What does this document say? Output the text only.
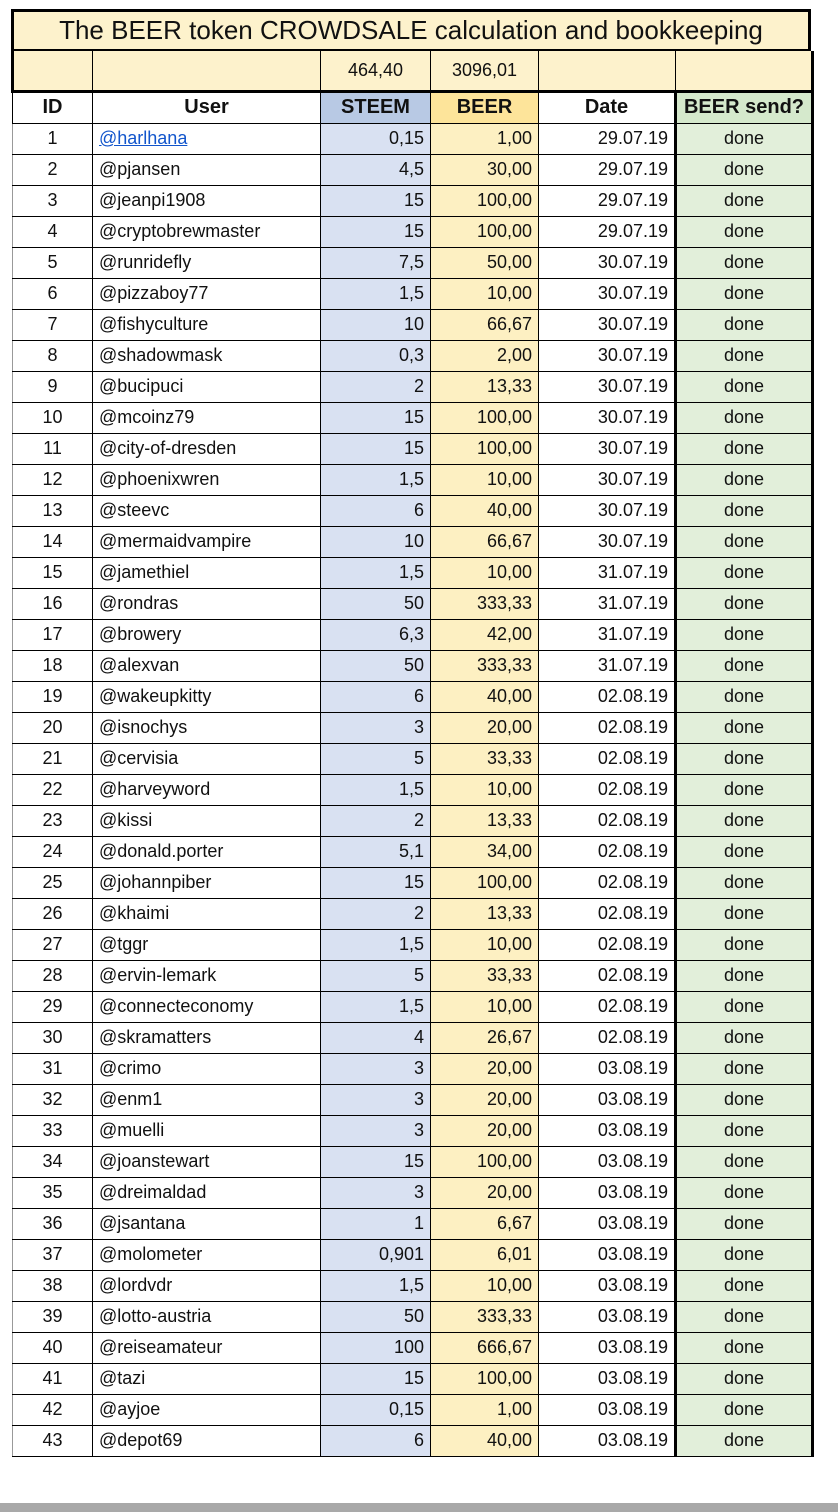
The BEER token CROWDSALE calculation and bookkeeping
		464,40	3096,01		
ID	User	STEEM	BEER	Date	BEER send?
1	@harlhana	0,15	1,00	29.07.19	done
2	@pjansen	4,5	30,00	29.07.19	done
3	@jeanpi1908	15	100,00	29.07.19	done
4	@cryptobrewmaster	15	100,00	29.07.19	done
5	@runridefly	7,5	50,00	30.07.19	done
6	@pizzaboy77	1,5	10,00	30.07.19	done
7	@fishyculture	10	66,67	30.07.19	done
8	@shadowmask	0,3	2,00	30.07.19	done
9	@bucipuci	2	13,33	30.07.19	done
10	@mcoinz79	15	100,00	30.07.19	done
11	@city-of-dresden	15	100,00	30.07.19	done
12	@phoenixwren	1,5	10,00	30.07.19	done
13	@steevc	6	40,00	30.07.19	done
14	@mermaidvampire	10	66,67	30.07.19	done
15	@jamethiel	1,5	10,00	31.07.19	done
16	@rondras	50	333,33	31.07.19	done
17	@browery	6,3	42,00	31.07.19	done
18	@alexvan	50	333,33	31.07.19	done
19	@wakeupkitty	6	40,00	02.08.19	done
20	@isnochys	3	20,00	02.08.19	done
21	@cervisia	5	33,33	02.08.19	done
22	@harveyword	1,5	10,00	02.08.19	done
23	@kissi	2	13,33	02.08.19	done
24	@donald.porter	5,1	34,00	02.08.19	done
25	@johannpiber	15	100,00	02.08.19	done
26	@khaimi	2	13,33	02.08.19	done
27	@tggr	1,5	10,00	02.08.19	done
28	@ervin-lemark	5	33,33	02.08.19	done
29	@connecteconomy	1,5	10,00	02.08.19	done
30	@skramatters	4	26,67	02.08.19	done
31	@crimo	3	20,00	03.08.19	done
32	@enm1	3	20,00	03.08.19	done
33	@muelli	3	20,00	03.08.19	done
34	@joanstewart	15	100,00	03.08.19	done
35	@dreimaldad	3	20,00	03.08.19	done
36	@jsantana	1	6,67	03.08.19	done
37	@molometer	0,901	6,01	03.08.19	done
38	@lordvdr	1,5	10,00	03.08.19	done
39	@lotto-austria	50	333,33	03.08.19	done
40	@reiseamateur	100	666,67	03.08.19	done
41	@tazi	15	100,00	03.08.19	done
42	@ayjoe	0,15	1,00	03.08.19	done
43	@depot69	6	40,00	03.08.19	done
